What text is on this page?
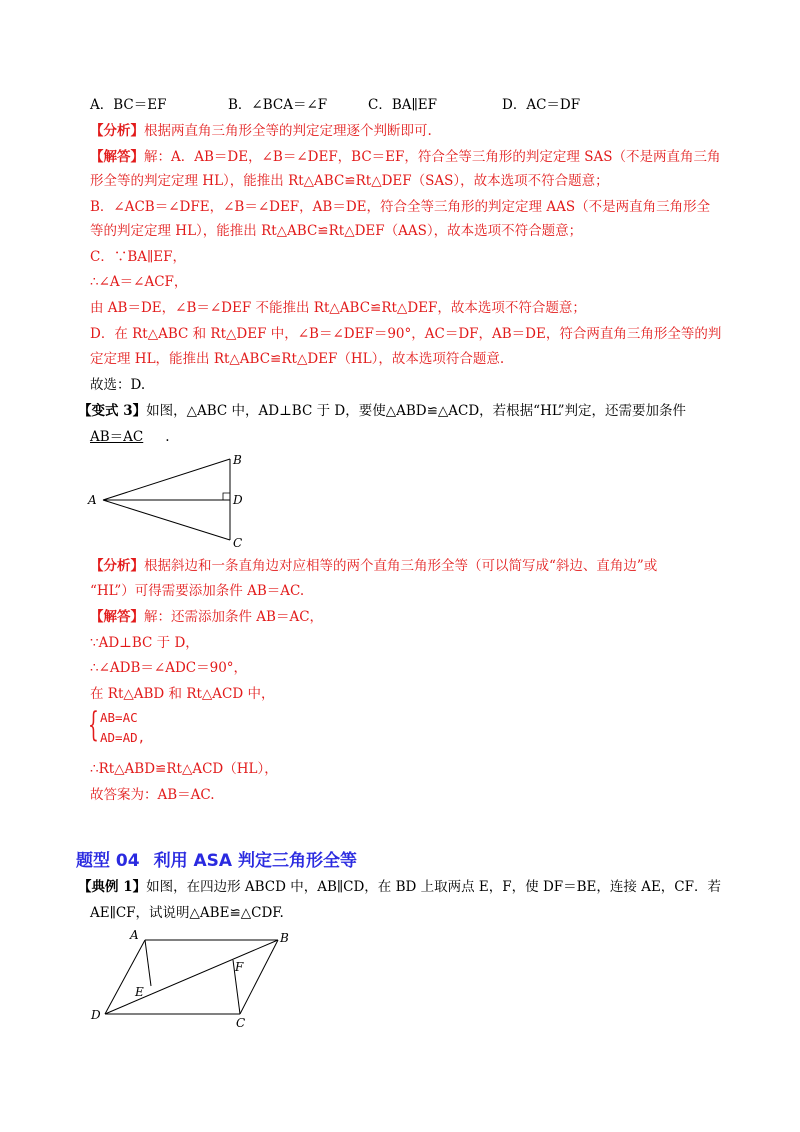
A．BC＝EF	B．∠BCA＝∠F	C．BA∥EF	D．AC＝DF
【分析】根据两直角三角形全等的判定定理逐个判断即可.
【解答】解：A．AB＝DE，∠B＝∠DEF，BC＝EF，符合全等三角形的判定定理 SAS（不是两直角三角
形全等的判定定理 HL），能推出 Rt△ABC≌Rt△DEF（SAS），故本选项不符合题意；
B．∠ACB＝∠DFE，∠B＝∠DEF，AB＝DE，符合全等三角形的判定定理 AAS（不是两直角三角形全
等的判定定理 HL），能推出 Rt△ABC≌Rt△DEF（AAS），故本选项不符合题意；
C．∵BA∥EF，
∴∠A＝∠ACF，
由 AB＝DE，∠B＝∠DEF 不能推出 Rt△ABC≌Rt△DEF，故本选项不符合题意；
D．在 Rt△ABC 和 Rt△DEF 中，∠B＝∠DEF＝90°，AC＝DF，AB＝DE，符合两直角三角形全等的判
定定理 HL，能推出 Rt△ABC≌Rt△DEF（HL），故本选项符合题意.
故选：D.
【变式 3】如图，△ABC 中，AD⊥BC 于 D，要使△ABD≌△ACD，若根据“HL”判定，还需要加条件
AB＝AC .
A
B
D
C
【分析】根据斜边和一条直角边对应相等的两个直角三角形全等（可以简写成“斜边、直角边”或
“HL”）可得需要添加条件 AB＝AC.
【解答】解：还需添加条件 AB＝AC，
∵AD⊥BC 于 D，
∴∠ADB＝∠ADC＝90°，
在 Rt△ABD 和 Rt△ACD 中，
{ AB=AC
AD=AD,
∴Rt△ABD≌Rt△ACD（HL），
故答案为：AB＝AC.
题型 04 利用 ASA 判定三角形全等
【典例 1】如图，在四边形 ABCD 中，AB∥CD，在 BD 上取两点 E，F，使 DF＝BE，连接 AE，CF．若
AE∥CF，试说明△ABE≌△CDF.
A	B
D
C
E
F
